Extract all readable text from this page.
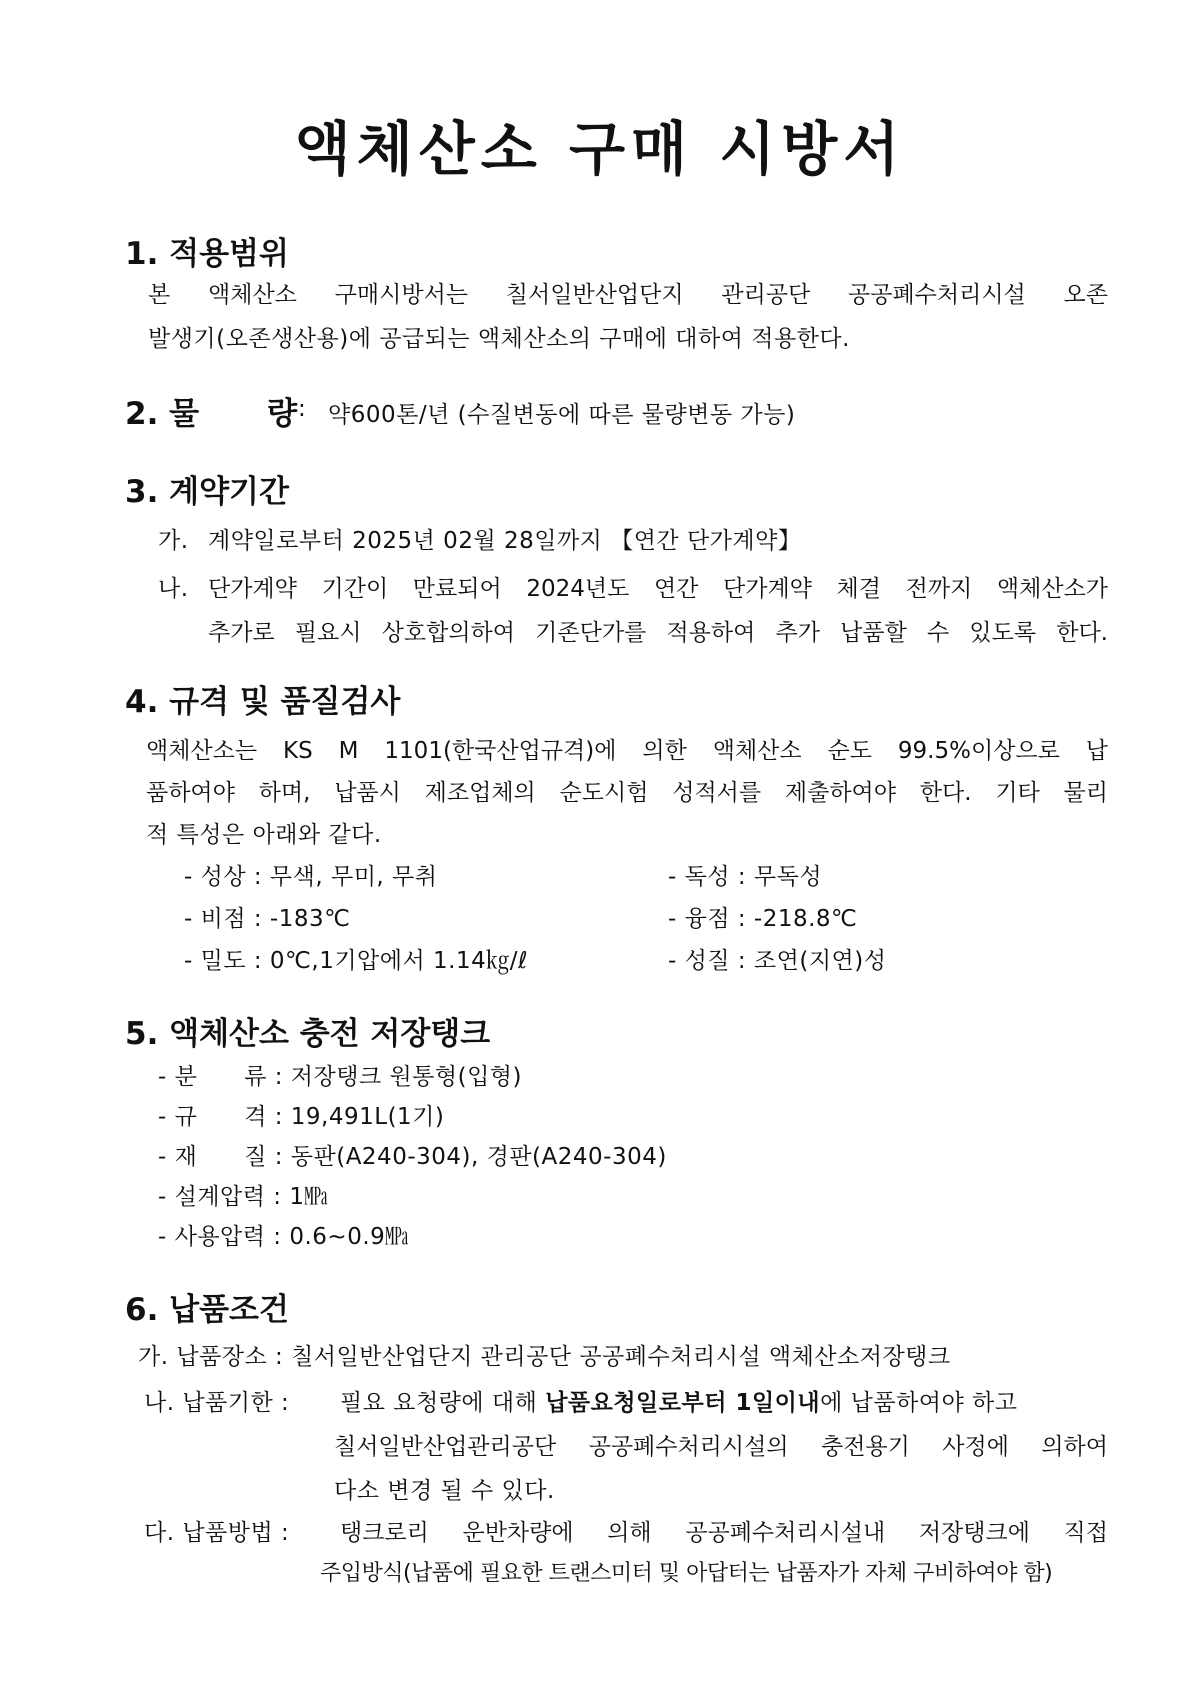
액체산소 구매 시방서
1. 적용범위
본 액체산소 구매시방서는 칠서일반산업단지 관리공단 공공폐수처리시설 오존
발생기(오존생산용)에 공급되는 액체산소의 구매에 대하여 적용한다.
2. 물 량 : 약600톤/년 (수질변동에 따른 물량변동 가능)
3. 계약기간
가. 계약일로부터 2025년 02월 28일까지 【연간 단가계약】
나. 단가계약 기간이 만료되어 2024년도 연간 단가계약 체결 전까지 액체산소가
추가로 필요시 상호합의하여 기존단가를 적용하여 추가 납품할 수 있도록 한다.
4. 규격 및 품질검사
액체산소는 KS M 1101(한국산업규격)에 의한 액체산소 순도 99.5%이상으로 납
품하여야 하며, 납품시 제조업체의 순도시험 성적서를 제출하여야 한다. 기타 물리
적 특성은 아래와 같다.
- 성상 : 무색, 무미, 무취
- 비점 : -183℃
- 밀도 : 0℃,1기압에서 1.14㎏/ℓ
- 독성 : 무독성
- 융점 : -218.8℃
- 성질 : 조연(지연)성
5. 액체산소 충전 저장탱크
- 분      류 : 저장탱크 원통형(입형)
- 규      격 : 19,491L(1기)
- 재      질 : 동판(A240-304), 경판(A240-304)
- 설계압력 : 1㎫
- 사용압력 : 0.6~0.9㎫
6. 납품조건
가. 납품장소 : 칠서일반산업단지 관리공단 공공폐수처리시설 액체산소저장탱크
나. 납품기한 : 필요 요청량에 대해 납품요청일로부터 1일이내에 납품하여야 하고
칠서일반산업관리공단 공공폐수처리시설의 충전용기 사정에 의하여
다소 변경 될 수 있다.
다. 납품방법 : 탱크로리 운반차량에 의해 공공폐수처리시설내 저장탱크에 직접
주입방식(납품에 필요한 트랜스미터 및 아답터는 납품자가 자체 구비하여야 함)
